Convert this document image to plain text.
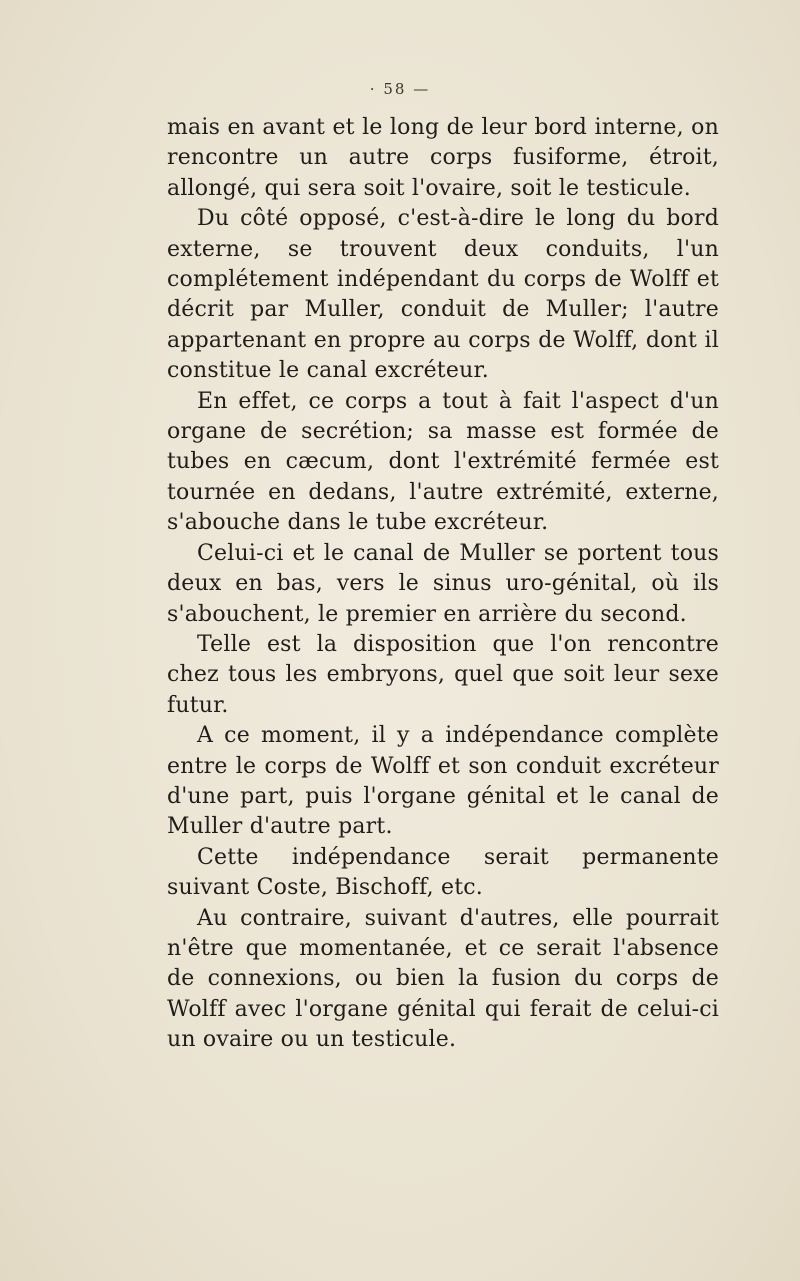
· 58 —

mais en avant et le long de leur bord interne, on rencontre un autre corps fusiforme, étroit, allongé, qui sera soit l'ovaire, soit le testicule.

Du côté opposé, c'est-à-dire le long du bord externe, se trouvent deux conduits, l'un complétement indépendant du corps de Wolff et décrit par Muller, conduit de Muller; l'autre appartenant en propre au corps de Wolff, dont il constitue le canal excréteur.

En effet, ce corps a tout à fait l'aspect d'un organe de secrétion; sa masse est formée de tubes en cæcum, dont l'extrémité fermée est tournée en dedans, l'autre extrémité, externe, s'abouche dans le tube excréteur.

Celui-ci et le canal de Muller se portent tous deux en bas, vers le sinus uro-génital, où ils s'abouchent, le premier en arrière du second.

Telle est la disposition que l'on rencontre chez tous les embryons, quel que soit leur sexe futur.

A ce moment, il y a indépendance complète entre le corps de Wolff et son conduit excréteur d'une part, puis l'organe génital et le canal de Muller d'autre part.

Cette indépendance serait permanente suivant Coste, Bischoff, etc.

Au contraire, suivant d'autres, elle pourrait n'être que momentanée, et ce serait l'absence de connexions, ou bien la fusion du corps de Wolff avec l'organe génital qui ferait de celui-ci un ovaire ou un testicule.
